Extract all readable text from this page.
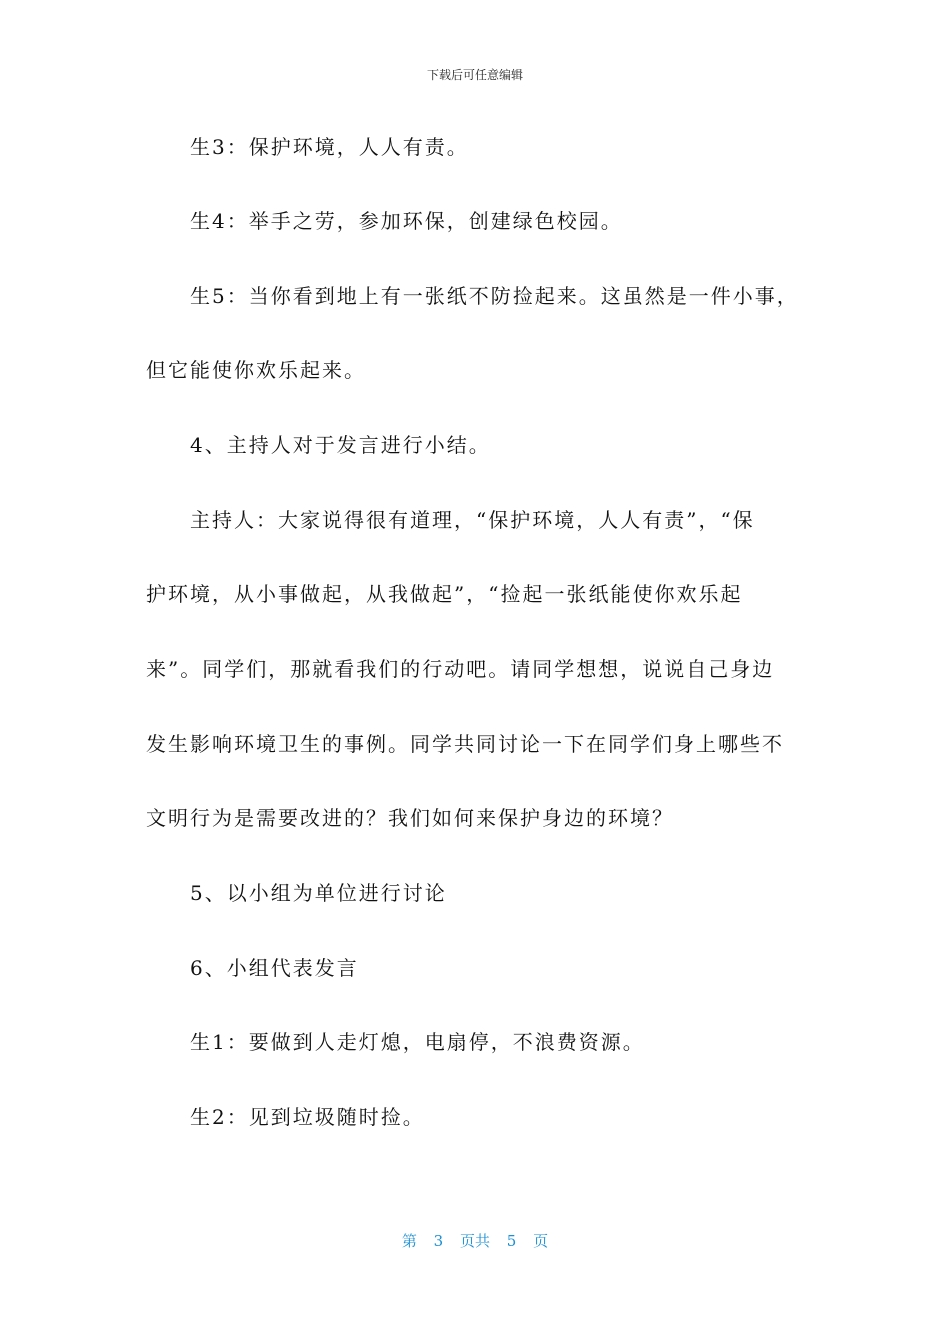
下载后可任意编辑
生3：保护环境，人人有责。
生4：举手之劳，参加环保，创建绿色校园。
生5：当你看到地上有一张纸不防捡起来。这虽然是一件小事，
但它能使你欢乐起来。
4、主持人对于发言进行小结。
主持人：大家说得很有道理，“保护环境，人人有责”，“保
护环境，从小事做起，从我做起”，“捡起一张纸能使你欢乐起
来”。同学们，那就看我们的行动吧。请同学想想，说说自己身边
发生影响环境卫生的事例。同学共同讨论一下在同学们身上哪些不
文明行为是需要改进的？我们如何来保护身边的环境？
5、以小组为单位进行讨论
6、小组代表发言
生1：要做到人走灯熄，电扇停，不浪费资源。
生2：见到垃圾随时捡。
第 3 页共 5 页
